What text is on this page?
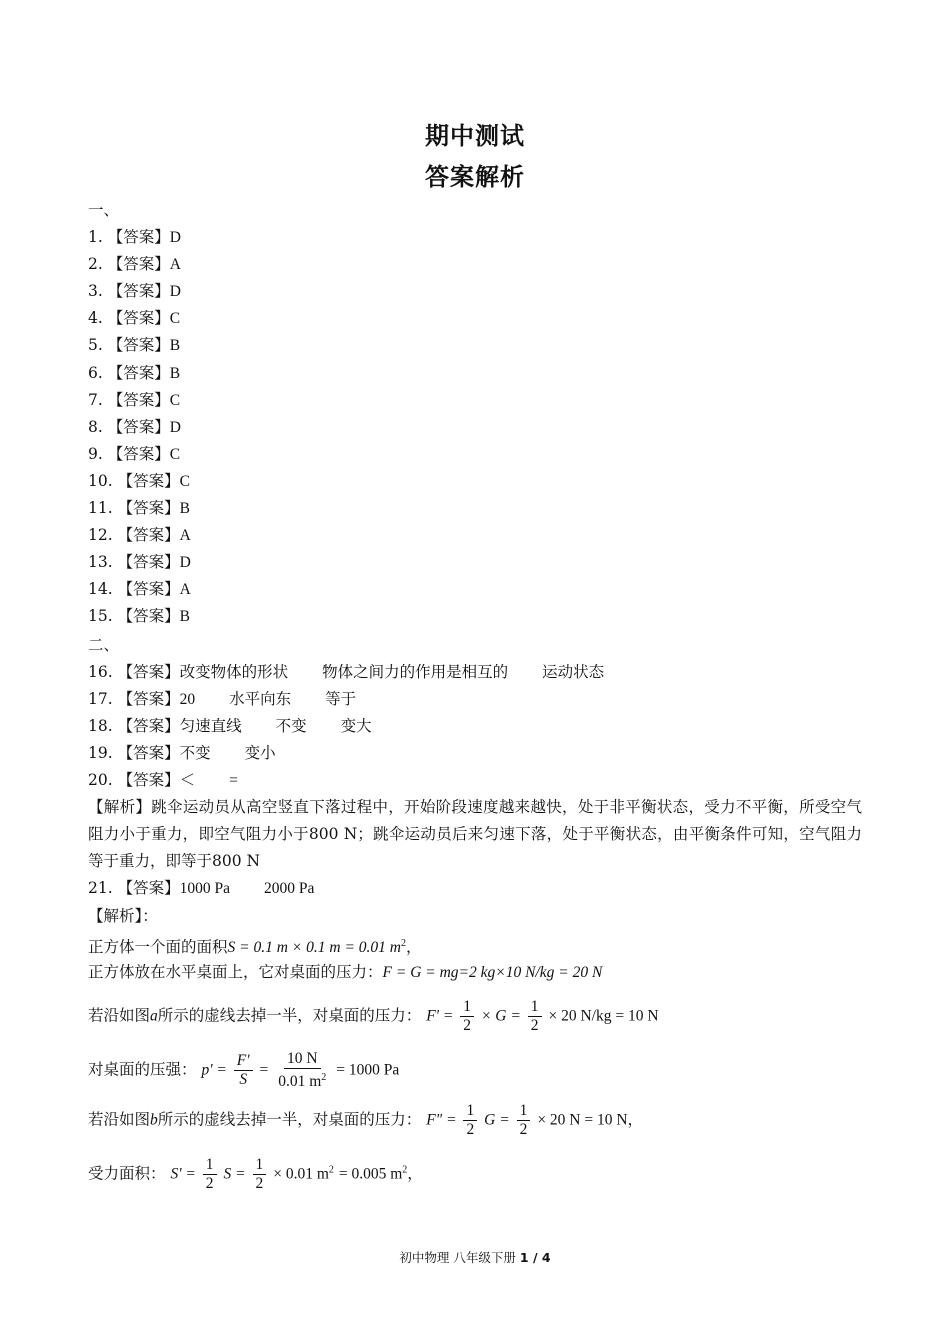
期中测试
答案解析
一、
1. 【答案】D
2. 【答案】A
3. 【答案】D
4. 【答案】C
5. 【答案】B
6. 【答案】B
7. 【答案】C
8. 【答案】D
9. 【答案】C
10. 【答案】C
11. 【答案】B
12. 【答案】A
13. 【答案】D
14. 【答案】A
15. 【答案】B
二、
16. 【答案】改变物体的形状 物体之间力的作用是相互的 运动状态
17. 【答案】20 水平向东 等于
18. 【答案】匀速直线 不变 变大
19. 【答案】不变 变小
20. 【答案】＜ =
【解析】跳伞运动员从高空竖直下落过程中，开始阶段速度越来越快，处于非平衡状态，受力不平衡，所受空气阻力小于重力，即空气阻力小于800 N；跳伞运动员后来匀速下落，处于平衡状态，由平衡条件可知，空气阻力等于重力，即等于800 N
21. 【答案】1000 Pa 2000 Pa
【解析】：
正方体一个面的面积S = 0.1 m × 0.1 m = 0.01 $m^2$，
正方体放在水平桌面上，它对桌面的压力：F = G = mg=2 kg×10 N/kg = 20 N
若沿如图a所示的虚线去掉一半，对桌面的压力： $F' = \frac{1}{2} \times G = \frac{1}{2} \times 20$ N/kg = 10 N
对桌面的压强： $p' = \frac{F'}{S} = \frac{10 N}{0.01 m^2} = 1000$ Pa
若沿如图b所示的虚线去掉一半，对桌面的压力： F" = $\frac{1}{2}$ $G = \frac{1}{2} \times 20$ N = 10 N，
受力面积： $S' = \frac{1}{2}$ $S = \frac{1}{2} \times 0.01$ $m^2 = 0.005$ $m^2$，
初中物理 八年级下册 1 / 4
